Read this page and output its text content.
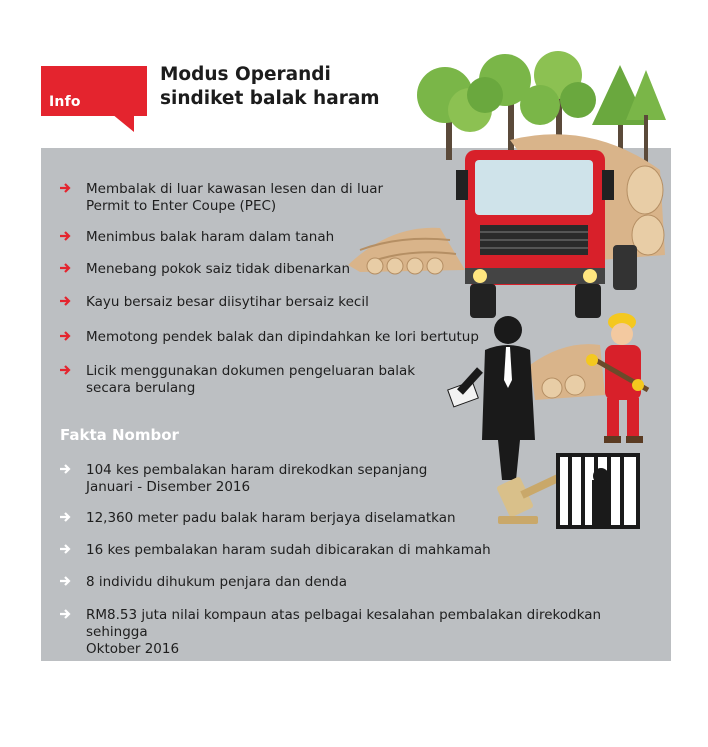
Info
Modus Operandi
sindiket balak haram
Membalak di luar kawasan lesen dan di luar
Permit to Enter Coupe (PEC)
Menimbus balak haram dalam tanah
Menebang pokok saiz tidak dibenarkan
Kayu bersaiz besar diisytihar bersaiz kecil
Memotong pendek balak dan dipindahkan ke lori bertutup
Licik menggunakan dokumen pengeluaran balak
secara berulang
Fakta Nombor
104 kes pembalakan haram direkodkan sepanjang
Januari - Disember 2016
12,360 meter padu balak haram berjaya diselamatkan
16 kes pembalakan haram sudah dibicarakan di mahkamah
8 individu dihukum penjara dan denda
RM8.53 juta nilai kompaun atas pelbagai kesalahan pembalakan direkodkan sehingga
Oktober 2016
